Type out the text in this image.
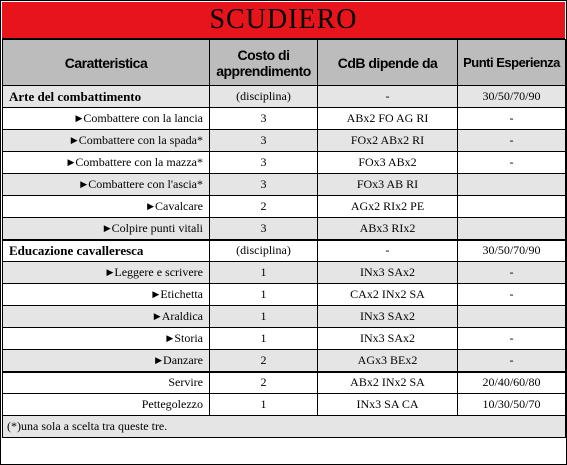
SCUDIERO
Caratteristica	Costo di apprendimento	CdB dipende da	Punti Esperienza
Arte del combattimento	(disciplina)	-	30/50/70/90
▶Combattere con la lancia	3	ABx2 FO AG RI	-
▶Combattere con la spada*	3	FOx2 ABx2 RI	-
▶Combattere con la mazza*	3	FOx3 ABx2	-
▶Combattere con l'ascia*	3	FOx3 AB RI	
▶Cavalcare	2	AGx2 RIx2 PE	
▶Colpire punti vitali	3	ABx3 RIx2	
Educazione cavalleresca	(disciplina)	-	30/50/70/90
▶Leggere e scrivere	1	INx3 SAx2	-
▶Etichetta	1	CAx2 INx2 SA	-
▶Araldica	1	INx3 SAx2	
▶Storia	1	INx3 SAx2	-
▶Danzare	2	AGx3 BEx2	-
Servire	2	ABx2 INx2 SA	20/40/60/80
Pettegolezzo	1	INx3 SA CA	10/30/50/70
(*)una sola a scelta tra queste tre.			
